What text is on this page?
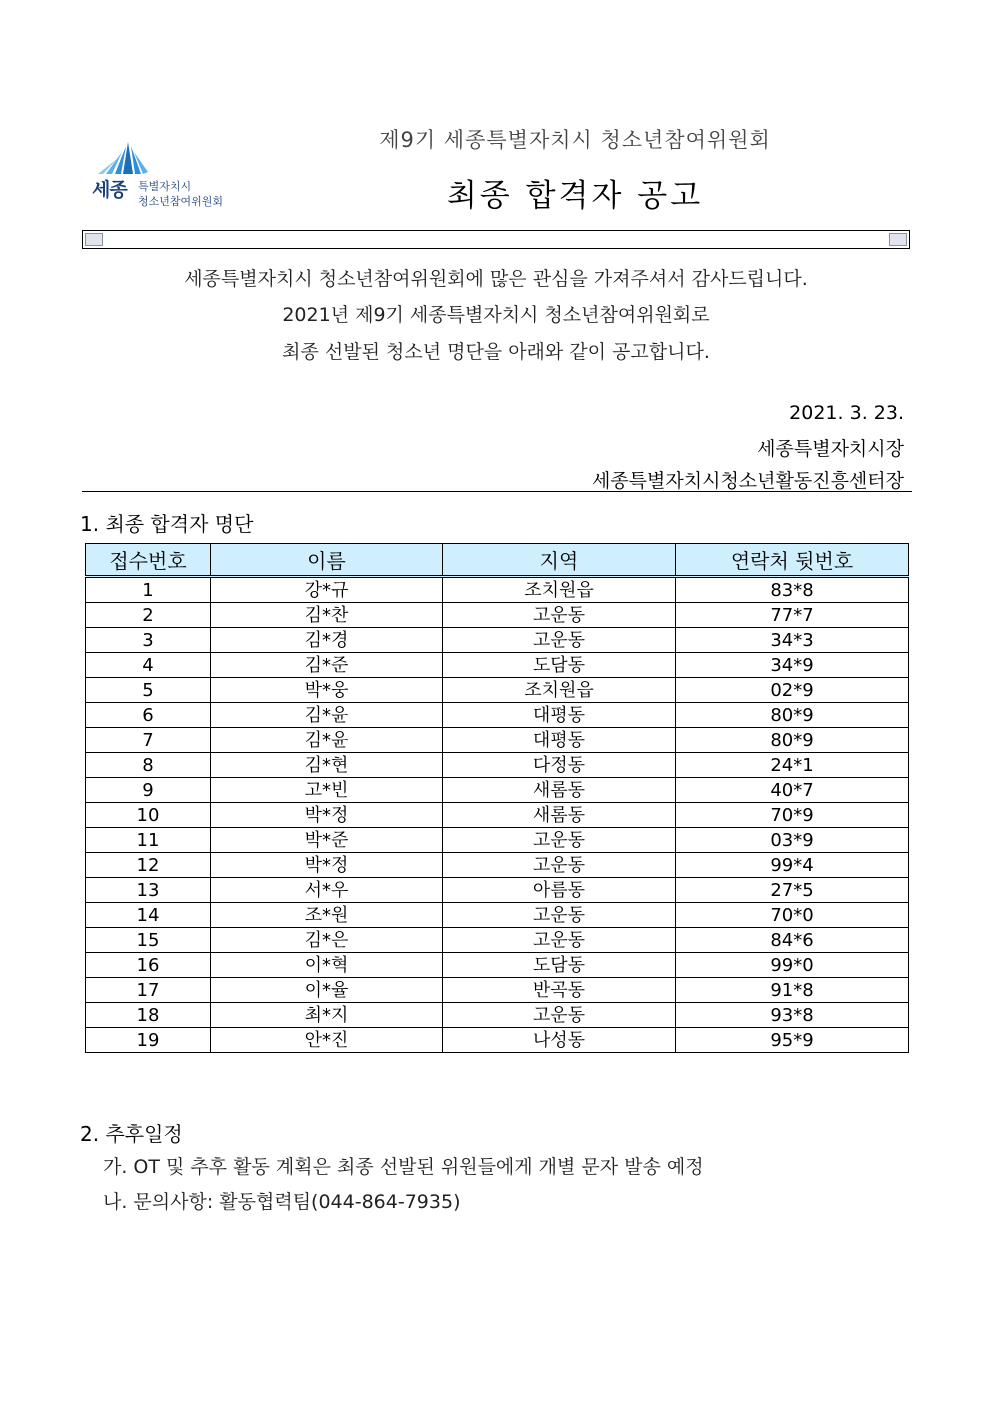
세종 특별자치시
청소년참여위원회
제9기 세종특별자치시 청소년참여위원회
최종 합격자 공고
세종특별자치시 청소년참여위원회에 많은 관심을 가져주셔서 감사드립니다.
2021년 제9기 세종특별자치시 청소년참여위원회로
최종 선발된 청소년 명단을 아래와 같이 공고합니다.
2021. 3. 23.
세종특별자치시장
세종특별자치시청소년활동진흥센터장
1. 최종 합격자 명단
접수번호	이름	지역	연락처 뒷번호
1	강*규	조치원읍	83*8
2	김*찬	고운동	77*7
3	김*경	고운동	34*3
4	김*준	도담동	34*9
5	박*웅	조치원읍	02*9
6	김*윤	대평동	80*9
7	김*윤	대평동	80*9
8	김*현	다정동	24*1
9	고*빈	새롬동	40*7
10	박*정	새롬동	70*9
11	박*준	고운동	03*9
12	박*정	고운동	99*4
13	서*우	아름동	27*5
14	조*원	고운동	70*0
15	김*은	고운동	84*6
16	이*혁	도담동	99*0
17	이*율	반곡동	91*8
18	최*지	고운동	93*8
19	안*진	나성동	95*9
2. 추후일정
가. OT 및 추후 활동 계획은 최종 선발된 위원들에게 개별 문자 발송 예정
나. 문의사항: 활동협력팀(044-864-7935)
